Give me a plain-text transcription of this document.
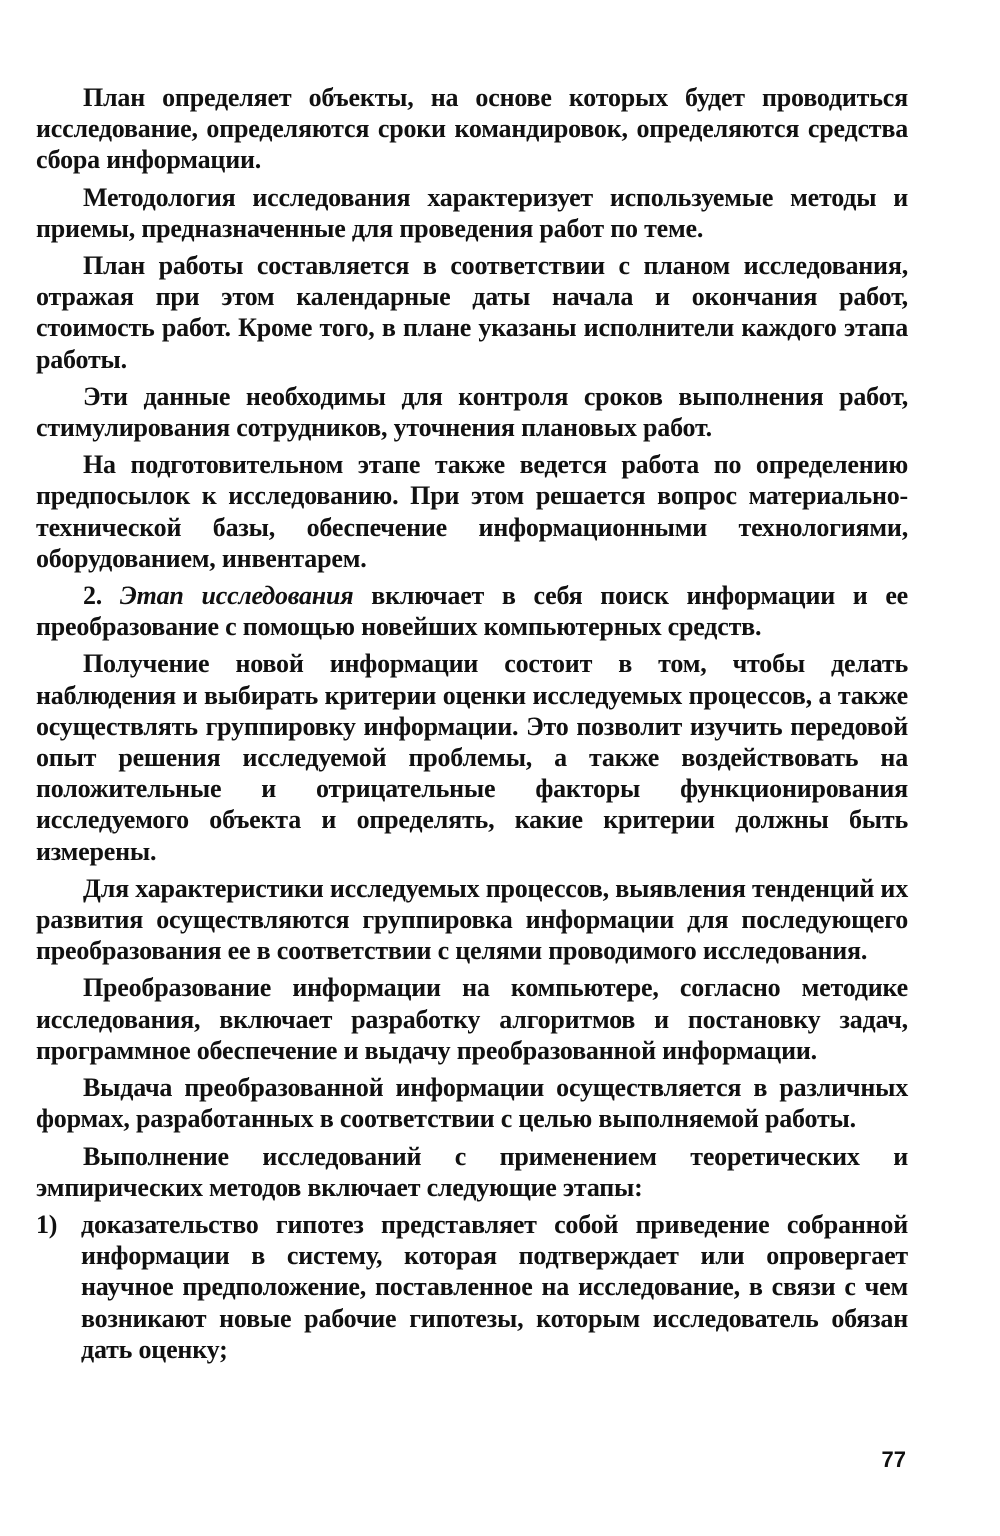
План определяет объекты, на основе которых будет проводиться исследование, определяются сроки командировок, определяются средства сбора информации.

Методология исследования характеризует используемые методы и приемы, предназначенные для проведения работ по теме.

План работы составляется в соответствии с планом исследования, отражая при этом календарные даты начала и окончания работ, стоимость работ. Кроме того, в плане указаны исполнители каждого этапа работы.

Эти данные необходимы для контроля сроков выполнения работ, стимулирования сотрудников, уточнения плановых работ.

На подготовительном этапе также ведется работа по определению предпосылок к исследованию. При этом решается вопрос материально-технической базы, обеспечение информационными технологиями, оборудованием, инвентарем.

2. Этап исследования включает в себя поиск информации и ее преобразование с помощью новейших компьютерных средств.

Получение новой информации состоит в том, чтобы делать наблюдения и выбирать критерии оценки исследуемых процессов, а также осуществлять группировку информации. Это позволит изучить передовой опыт решения исследуемой проблемы, а также воздействовать на положительные и отрицательные факторы функционирования исследуемого объекта и определять, какие критерии должны быть измерены.

Для характеристики исследуемых процессов, выявления тенденций их развития осуществляются группировка информации для последующего преобразования ее в соответствии с целями проводимого исследования.

Преобразование информации на компьютере, согласно методике исследования, включает разработку алгоритмов и постановку задач, программное обеспечение и выдачу преобразованной информации.

Выдача преобразованной информации осуществляется в различных формах, разработанных в соответствии с целью выполняемой работы.

Выполнение исследований с применением теоретических и эмпирических методов включает следующие этапы:

1) доказательство гипотез представляет собой приведение собранной информации в систему, которая подтверждает или опровергает научное предположение, поставленное на исследование, в связи с чем возникают новые рабочие гипотезы, которым исследователь обязан дать оценку;

77
